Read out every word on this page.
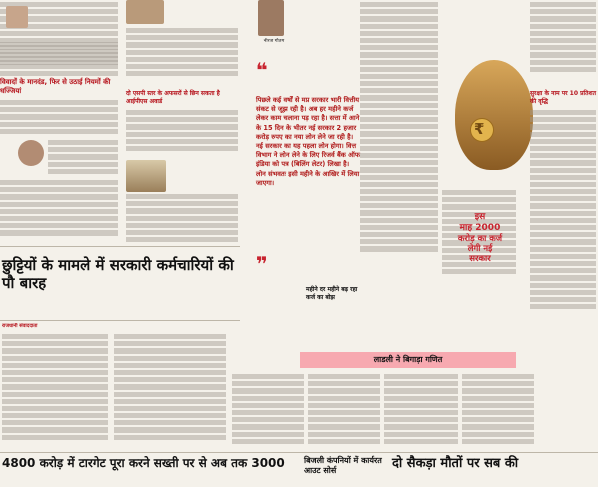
विवादों के मानदंड, फिर से उठाई नियमों की धज्जियां	दो एसपी स्तर के अफसरों से छिन सकता है आईपीएस अवार्ड
नीरज गौतम
❝
पिछले कई वर्षों से मप्र सरकार भारी वित्तीय संकट से जूझ रही है। अब हर महीने कर्ज लेकर काम चलाना पड़ रहा है। सत्ता में आने के 15 दिन के भीतर नई सरकार 2 हजार करोड़ रुपए का नया लोन लेने जा रही है। नई सरकार का यह पहला लोन होगा। वित्त विभाग ने लोन लेने के लिए रिजर्व बैंक ऑफ इंडिया को पत्र (बिलिंग लेटर) लिखा है। लोन संभवतः इसी महीने के आखिर में लिया जाएगा।
₹
इस
माह 2000
करोड़ का कर्ज
लेगी नई
सरकार
सुरक्षा के नाम पर 10 प्रतिशत की वृद्धि
छुट्टियों के मामले में सरकारी कर्मचारियों की पौ बारह
❞
महीने दर महीने बढ़ रहा कर्ज का बोझ
राजधानी संवाददाता
लाडली ने बिगाड़ा गणित
4800 करोड़ में टारगेट पूरा करने सख्ती पर से अब तक 3000	बिजली कंपनियों में कार्यरत आउट सोर्स	दो सैकड़ा मौतों पर सब की
